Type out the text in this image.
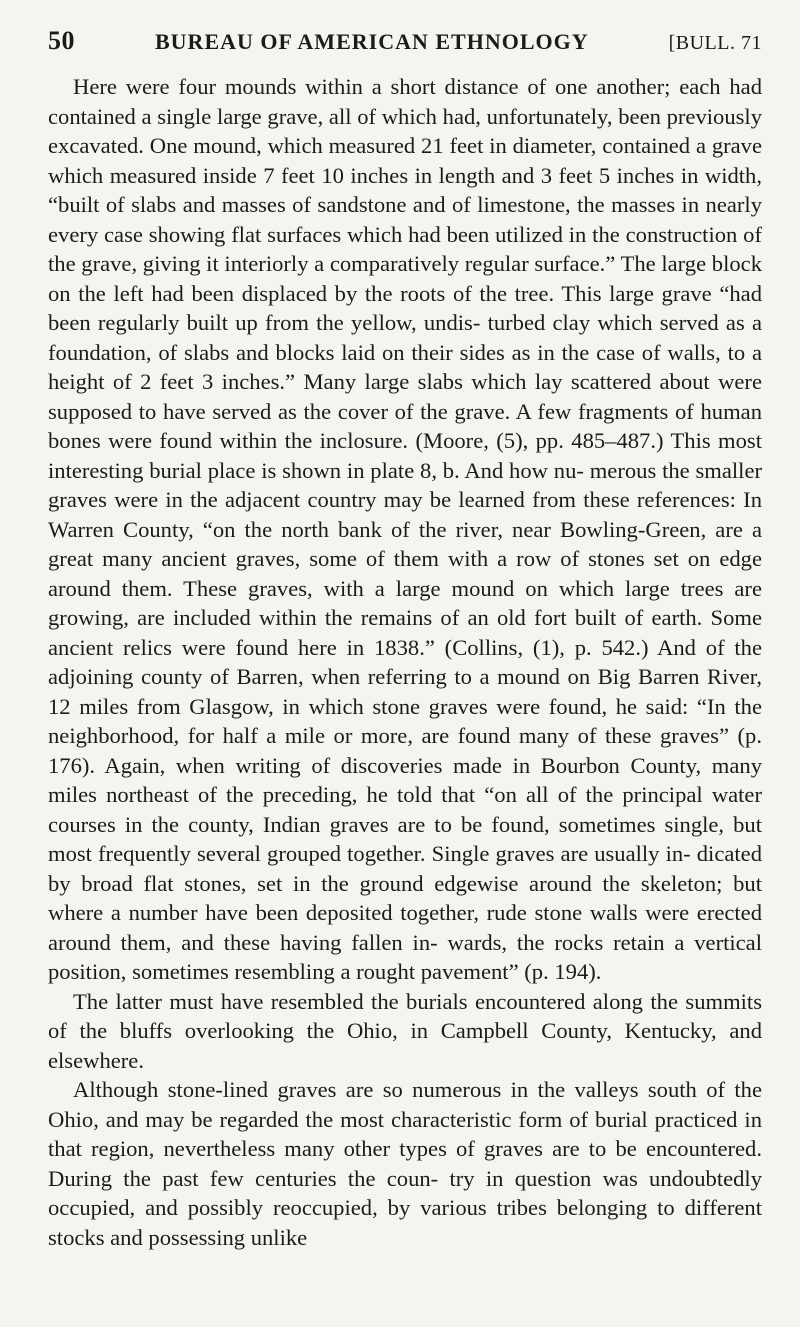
50	BUREAU OF AMERICAN ETHNOLOGY	[BULL. 71

Here were four mounds within a short distance of one another; each had contained a single large grave, all of which had, unfortunately, been previously excavated. One mound, which measured 21 feet in diameter, contained a grave which measured inside 7 feet 10 inches in length and 3 feet 5 inches in width, “built of slabs and masses of sandstone and of limestone, the masses in nearly every case showing flat surfaces which had been utilized in the construction of the grave, giving it interiorly a comparatively regular surface.” The large block on the left had been displaced by the roots of the tree. This large grave “had been regularly built up from the yellow, undis- turbed clay which served as a foundation, of slabs and blocks laid on their sides as in the case of walls, to a height of 2 feet 3 inches.” Many large slabs which lay scattered about were supposed to have served as the cover of the grave. A few fragments of human bones were found within the inclosure. (Moore, (5), pp. 485–487.) This most interesting burial place is shown in plate 8, b. And how nu- merous the smaller graves were in the adjacent country may be learned from these references: In Warren County, “on the north bank of the river, near Bowling-Green, are a great many ancient graves, some of them with a row of stones set on edge around them. These graves, with a large mound on which large trees are growing, are included within the remains of an old fort built of earth. Some ancient relics were found here in 1838.” (Collins, (1), p. 542.) And of the adjoining county of Barren, when referring to a mound on Big Barren River, 12 miles from Glasgow, in which stone graves were found, he said: “In the neighborhood, for half a mile or more, are found many of these graves” (p. 176). Again, when writing of discoveries made in Bourbon County, many miles northeast of the preceding, he told that “on all of the principal water courses in the county, Indian graves are to be found, sometimes single, but most frequently several grouped together. Single graves are usually in- dicated by broad flat stones, set in the ground edgewise around the skeleton; but where a number have been deposited together, rude stone walls were erected around them, and these having fallen in- wards, the rocks retain a vertical position, sometimes resembling a rought pavement” (p. 194).

The latter must have resembled the burials encountered along the summits of the bluffs overlooking the Ohio, in Campbell County, Kentucky, and elsewhere.

Although stone-lined graves are so numerous in the valleys south of the Ohio, and may be regarded the most characteristic form of burial practiced in that region, nevertheless many other types of graves are to be encountered. During the past few centuries the coun- try in question was undoubtedly occupied, and possibly reoccupied, by various tribes belonging to different stocks and possessing unlike
